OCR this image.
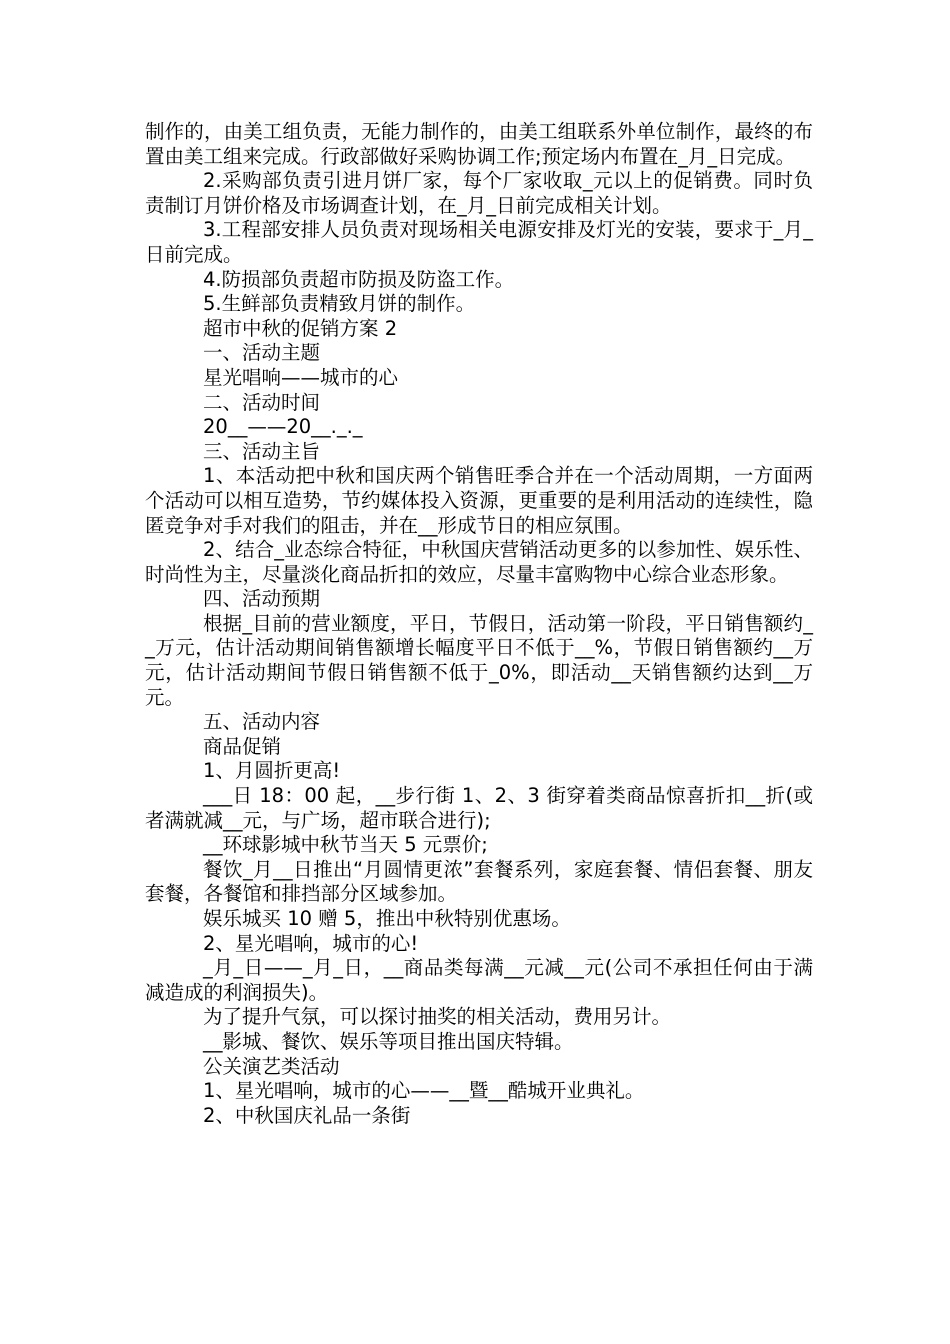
制作的，由美工组负责，无能力制作的，由美工组联系外单位制作，最终的布置由美工组来完成。行政部做好采购协调工作;预定场内布置在_月_日完成。

2.采购部负责引进月饼厂家，每个厂家收取_元以上的促销费。同时负责制订月饼价格及市场调查计划，在_月_日前完成相关计划。

3.工程部安排人员负责对现场相关电源安排及灯光的安装，要求于_月_日前完成。

4.防损部负责超市防损及防盗工作。

5.生鲜部负责精致月饼的制作。

超市中秋的促销方案 2

一、活动主题

星光唱响——城市的心

二、活动时间

20__——20__._._

三、活动主旨

1、本活动把中秋和国庆两个销售旺季合并在一个活动周期，一方面两个活动可以相互造势，节约媒体投入资源，更重要的是利用活动的连续性，隐匿竞争对手对我们的阻击，并在__形成节日的相应氛围。

2、结合_业态综合特征，中秋国庆营销活动更多的以参加性、娱乐性、时尚性为主，尽量淡化商品折扣的效应，尽量丰富购物中心综合业态形象。

四、活动预期

根据_目前的营业额度，平日，节假日，活动第一阶段，平日销售额约__万元，估计活动期间销售额增长幅度平日不低于__%，节假日销售额约__万元，估计活动期间节假日销售额不低于_0%，即活动__天销售额约达到__万元。

五、活动内容

商品促销

1、月圆折更高!

___日 18：00 起，__步行街 1、2、3 街穿着类商品惊喜折扣__折(或者满就减__元，与广场，超市联合进行);

__环球影城中秋节当天 5 元票价;

餐饮_月__日推出“月圆情更浓”套餐系列，家庭套餐、情侣套餐、朋友套餐，各餐馆和排挡部分区域参加。

娱乐城买 10 赠 5，推出中秋特别优惠场。

2、星光唱响，城市的心!

_月_日——_月_日，__商品类每满__元减__元(公司不承担任何由于满减造成的利润损失)。

为了提升气氛，可以探讨抽奖的相关活动，费用另计。

__影城、餐饮、娱乐等项目推出国庆特辑。

公关演艺类活动

1、星光唱响，城市的心——__暨__酷城开业典礼。

2、中秋国庆礼品一条街
